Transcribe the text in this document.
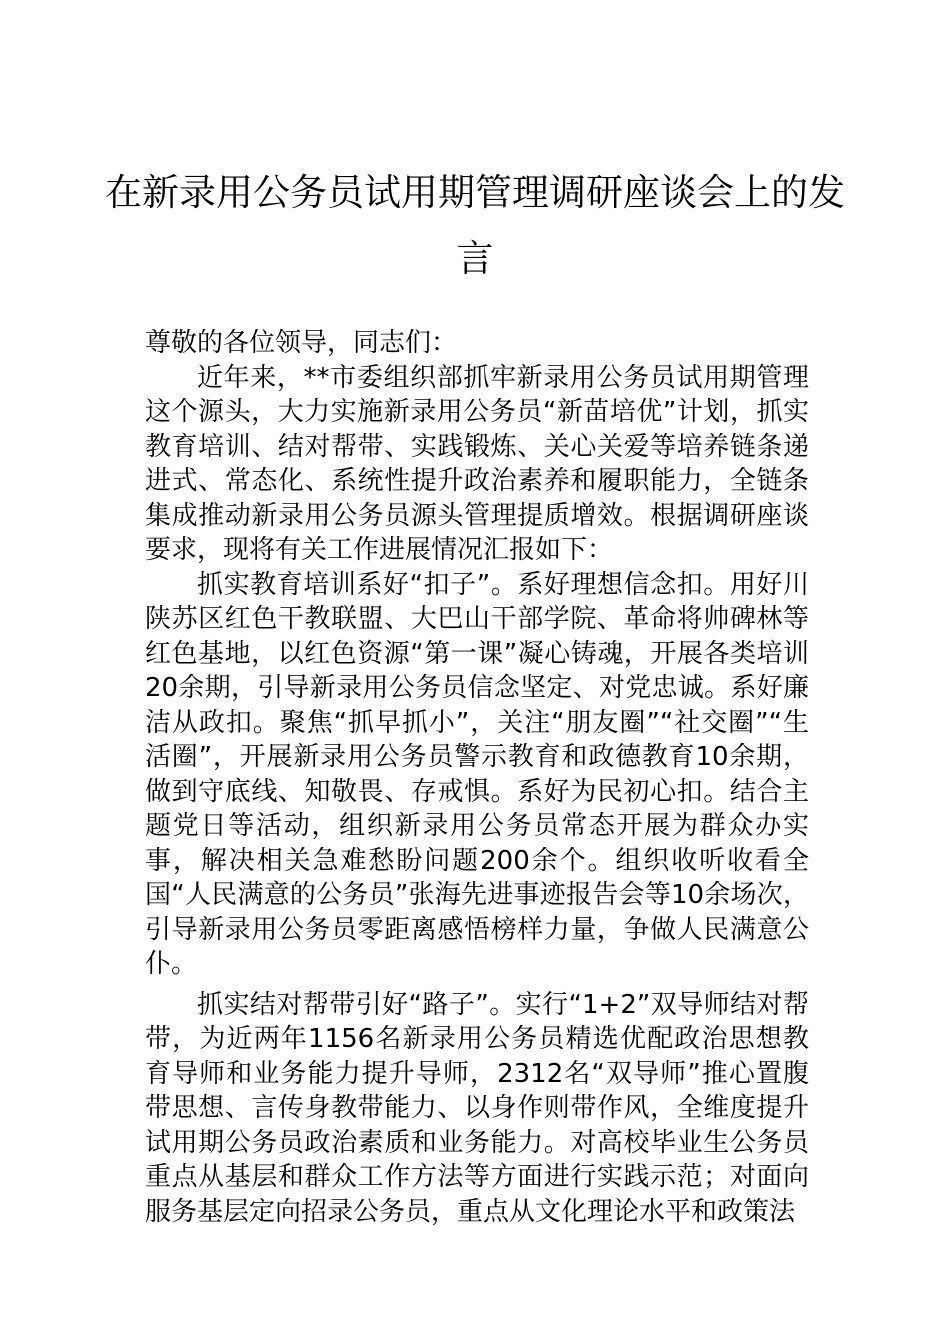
在新录用公务员试用期管理调研座谈会上的发言

尊敬的各位领导，同志们：

近年来，**市委组织部抓牢新录用公务员试用期管理这个源头，大力实施新录用公务员“新苗培优”计划，抓实教育培训、结对帮带、实践锻炼、关心关爱等培养链条递进式、常态化、系统性提升政治素养和履职能力，全链条集成推动新录用公务员源头管理提质增效。根据调研座谈要求，现将有关工作进展情况汇报如下：

抓实教育培训系好“扣子”。系好理想信念扣。用好川陕苏区红色干教联盟、大巴山干部学院、革命将帅碑林等红色基地，以红色资源“第一课”凝心铸魂，开展各类培训20余期，引导新录用公务员信念坚定、对党忠诚。系好廉洁从政扣。聚焦“抓早抓小”，关注“朋友圈”“社交圈”“生活圈”，开展新录用公务员警示教育和政德教育10余期，做到守底线、知敬畏、存戒惧。系好为民初心扣。结合主题党日等活动，组织新录用公务员常态开展为群众办实事，解决相关急难愁盼问题200余个。组织收听收看全国“人民满意的公务员”张海先进事迹报告会等10余场次，引导新录用公务员零距离感悟榜样力量，争做人民满意公仆。

抓实结对帮带引好“路子”。实行“1+2”双导师结对帮带，为近两年1156名新录用公务员精选优配政治思想教育导师和业务能力提升导师，2312名“双导师”推心置腹带思想、言传身教带能力、以身作则带作风，全维度提升试用期公务员政治素质和业务能力。对高校毕业生公务员重点从基层和群众工作方法等方面进行实践示范；对面向服务基层定向招录公务员，重点从文化理论水平和政策法
